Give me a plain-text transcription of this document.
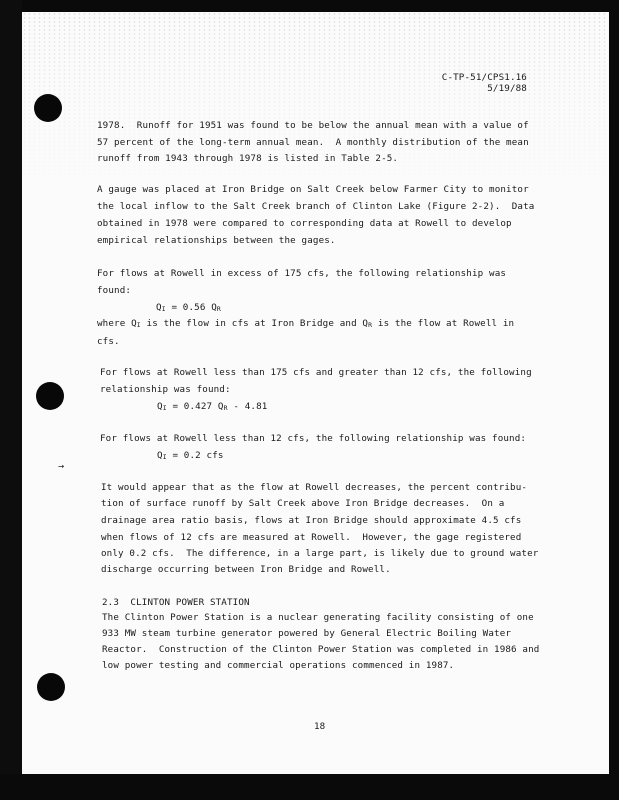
→
C-TP-51/CPS1.16
5/19/88
1978.  Runoff for 1951 was found to be below the annual mean with a value of
57 percent of the long-term annual mean.  A monthly distribution of the mean
runoff from 1943 through 1978 is listed in Table 2-5.
A gauge was placed at Iron Bridge on Salt Creek below Farmer City to monitor
the local inflow to the Salt Creek branch of Clinton Lake (Figure 2-2).  Data
obtained in 1978 were compared to corresponding data at Rowell to develop
empirical relationships between the gages.
For flows at Rowell in excess of 175 cfs, the following relationship was
found:
QI = 0.56 QR
where QI is the flow in cfs at Iron Bridge and QR is the flow at Rowell in
cfs.
For flows at Rowell less than 175 cfs and greater than 12 cfs, the following
relationship was found:
QI = 0.427 QR - 4.81
For flows at Rowell less than 12 cfs, the following relationship was found:
QI = 0.2 cfs
It would appear that as the flow at Rowell decreases, the percent contribu-
tion of surface runoff by Salt Creek above Iron Bridge decreases.  On a
drainage area ratio basis, flows at Iron Bridge should approximate 4.5 cfs
when flows of 12 cfs are measured at Rowell.  However, the gage registered
only 0.2 cfs.  The difference, in a large part, is likely due to ground water
discharge occurring between Iron Bridge and Rowell.
2.3  CLINTON POWER STATION
The Clinton Power Station is a nuclear generating facility consisting of one
933 MW steam turbine generator powered by General Electric Boiling Water
Reactor.  Construction of the Clinton Power Station was completed in 1986 and
low power testing and commercial operations commenced in 1987.
18
